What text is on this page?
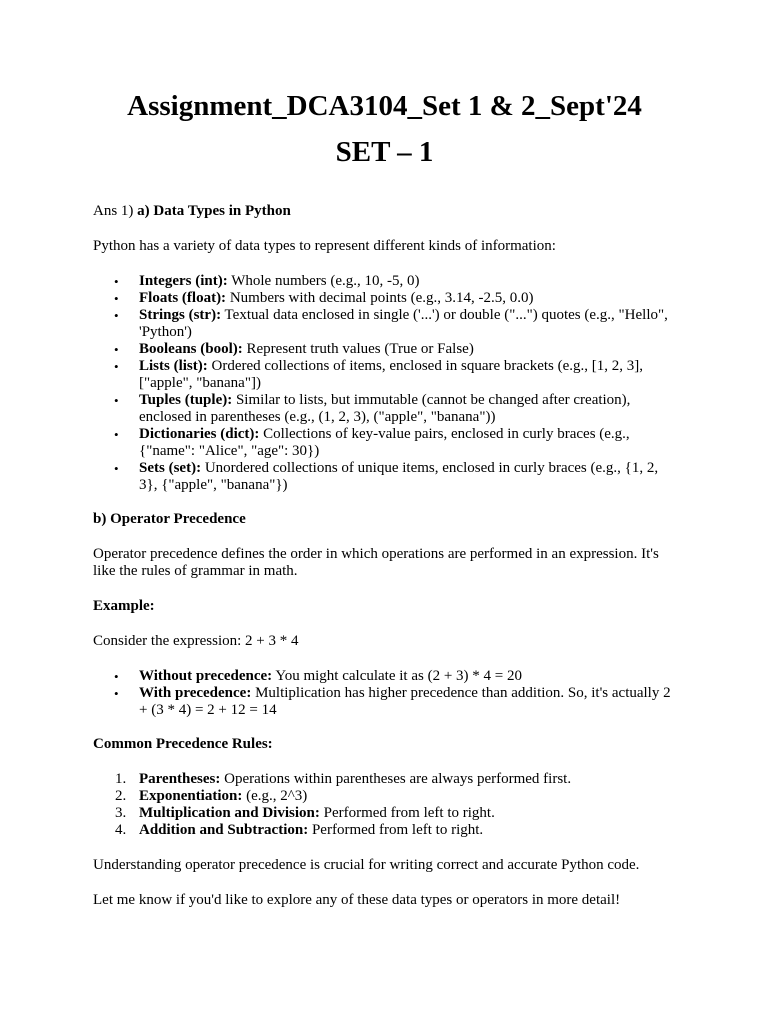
Assignment_DCA3104_Set 1 & 2_Sept'24
SET – 1

Ans 1) a) Data Types in Python

Python has a variety of data types to represent different kinds of information:

• Integers (int): Whole numbers (e.g., 10, -5, 0)
• Floats (float): Numbers with decimal points (e.g., 3.14, -2.5, 0.0)
• Strings (str): Textual data enclosed in single ('...') or double ("...") quotes (e.g., "Hello", 'Python')
• Booleans (bool): Represent truth values (True or False)
• Lists (list): Ordered collections of items, enclosed in square brackets (e.g., [1, 2, 3], ["apple", "banana"])
• Tuples (tuple): Similar to lists, but immutable (cannot be changed after creation), enclosed in parentheses (e.g., (1, 2, 3), ("apple", "banana"))
• Dictionaries (dict): Collections of key-value pairs, enclosed in curly braces (e.g., {"name": "Alice", "age": 30})
• Sets (set): Unordered collections of unique items, enclosed in curly braces (e.g., {1, 2, 3}, {"apple", "banana"})

b) Operator Precedence

Operator precedence defines the order in which operations are performed in an expression. It's like the rules of grammar in math.

Example:

Consider the expression: 2 + 3 * 4

• Without precedence: You might calculate it as (2 + 3) * 4 = 20
• With precedence: Multiplication has higher precedence than addition. So, it's actually 2 + (3 * 4) = 2 + 12 = 14

Common Precedence Rules:

1. Parentheses: Operations within parentheses are always performed first.
2. Exponentiation: (e.g., 2^3)
3. Multiplication and Division: Performed from left to right.
4. Addition and Subtraction: Performed from left to right.

Understanding operator precedence is crucial for writing correct and accurate Python code.

Let me know if you'd like to explore any of these data types or operators in more detail!
